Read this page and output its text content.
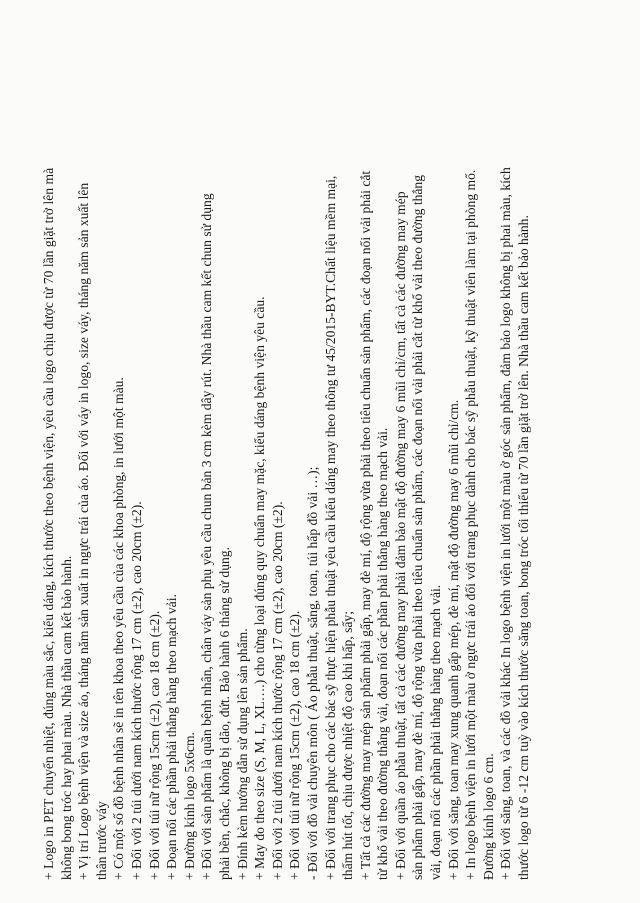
+ Logo in PET chuyển nhiệt, đúng màu sắc, kiểu dáng, kích thước theo bệnh viện, yêu cầu logo chịu được từ 70 lần giặt trở lên mà không bong tróc hay phai màu. Nhà thầu cam kết bảo hành. + Vị trí Logo bệnh viện và size áo, tháng năm sản xuất in ngực trái của áo. Đối với váy in logo, size váy, tháng năm sản xuất lên thân trước váy + Có một số đồ bệnh nhân sẽ in tên khoa theo yêu cầu của các khoa phòng, in lưới một màu. + Đối với 2 túi dưới nam kích thước rộng 17 cm (±2), cao 20cm (±2). + Đối với túi nữ rộng 15cm (±2), cao 18 cm (±2). + Đoạn nối các phần phải thẳng hàng theo mạch vải. + Đường kính logo 5x6cm. + Đối với sản phẩm là quần bệnh nhân, chân váy sản phụ yêu cầu chun bản 3 cm kèm dây rút. Nhà thầu cam kết chun sử dụng phải bền, chắc, không bị dão, đứt. Bảo hành 6 tháng sử dụng. + Đính kèm hướng dẫn sử dụng lên sản phẩm. + May đo theo size (S, M, L, XL….) cho từng loại đúng quy chuẩn may mặc, kiểu dáng bệnh viện yêu cầu. + Đối với 2 túi dưới nam kích thước rộng 17 cm (±2), cao 20cm (±2). + Đối với túi nữ rộng 15cm (±2), cao 18 cm (±2). - Đối với đồ vải chuyên môn ( Áo phẫu thuật, săng, toan, túi hấp đồ vải …); + Đối với trang phục cho các bác sỹ thực hiện phẫu thuật yêu cầu kiểu dáng may theo thông tư 45/2015-BYT.Chất liệu mềm mại, thấm hút tốt, chịu được nhiệt độ cao khi hấp, sấy; + Tất cả các đường may mép sản phẩm phải gấp, may đè mí, độ rộng vừa phải theo tiêu chuẩn sản phẩm, các đoạn nối vải phải cắt từ khổ vải theo đường thẳng vải, đoạn nối các phần phải thẳng hàng theo mạch vải. + Đối với quần áo phẫu thuật, tất cả các đường may phải đảm bảo mật độ đường may 6 mũi chỉ/cm, tất cả các đường may mép sản phẩm phải gấp, may đè mí, độ rộng vừa phải theo tiêu chuẩn sản phẩm, các đoạn nối vải phải cắt từ khổ vải theo đường thẳng vải, đoạn nối các phần phải thẳng hàng theo mạch vải. + Đối với săng, toan may xung quanh gấp mép, đè mí, mật độ đường may 6 mũi chỉ/cm. + In logo bệnh viện in lưới một màu ở ngực trái áo đối với trang phục dành cho bác sỹ phẫu thuật, kỹ thuật viên làm tại phòng mổ. Đường kính logo 6 cm. + Đối với săng, toan, và các đồ vải khác In logo bệnh viện in lưới một màu ở góc sản phẩm, đảm bảo logo không bị phai màu, kích thước logo từ 6 -12 cm tuỳ vào kích thước săng toan, bong tróc tối thiểu từ 70 lần giặt trở lên. Nhà thầu cam kết bảo hành.
